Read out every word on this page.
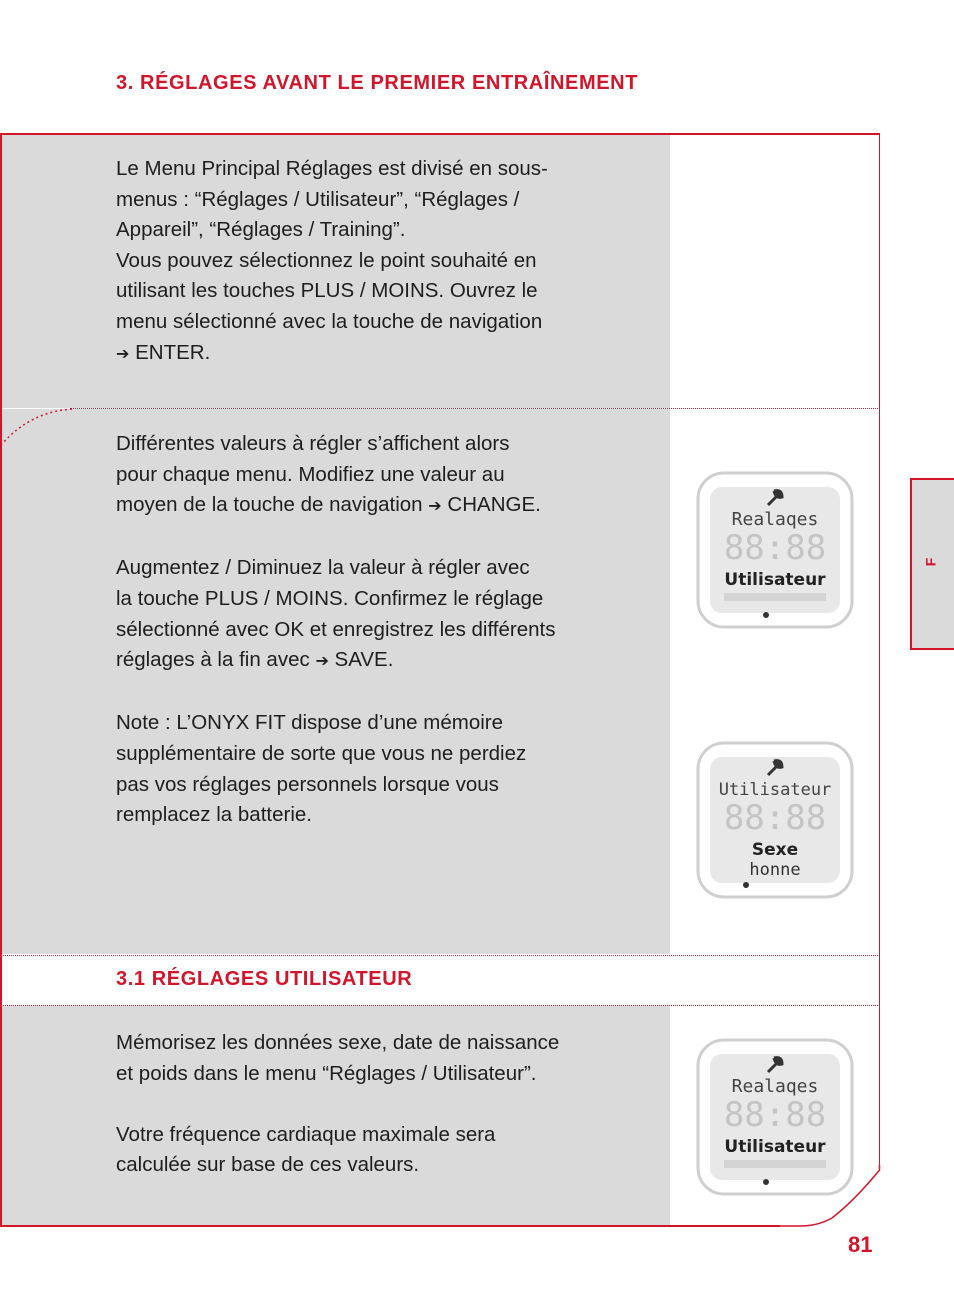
3. RÉGLAGES AVANT LE PREMIER ENTRAÎNEMENT

Le Menu Principal Réglages est divisé en sous-

menus : “Réglages / Utilisateur”, “Réglages /

Appareil”, “Réglages / Training”.

Vous pouvez sélectionnez le point souhaité en

utilisant les touches PLUS / MOINS. Ouvrez le

menu sélectionné avec la touche de navigation

➔ ENTER.

Différentes valeurs à régler s’affichent alors

pour chaque menu. Modifiez une valeur au

moyen de la touche de navigation ➔ CHANGE.

Augmentez / Diminuez la valeur à régler avec

la touche PLUS / MOINS. Confirmez le réglage

sélectionné avec OK et enregistrez les différents

réglages à la fin avec ➔ SAVE.

Note : L’ONYX FIT dispose d’une mémoire

supplémentaire de sorte que vous ne perdiez

pas vos réglages personnels lorsque vous

remplacez la batterie.

3.1 RÉGLAGES UTILISATEUR

Mémorisez les données sexe, date de naissance

et poids dans le menu “Réglages / Utilisateur”.

Votre fréquence cardiaque maximale sera

calculée sur base de ces valeurs.

Realaqes
88:88
Utilisateur
Utilisateur
88:88
Sexe
honne
Realaqes
88:88
Utilisateur
F
81
